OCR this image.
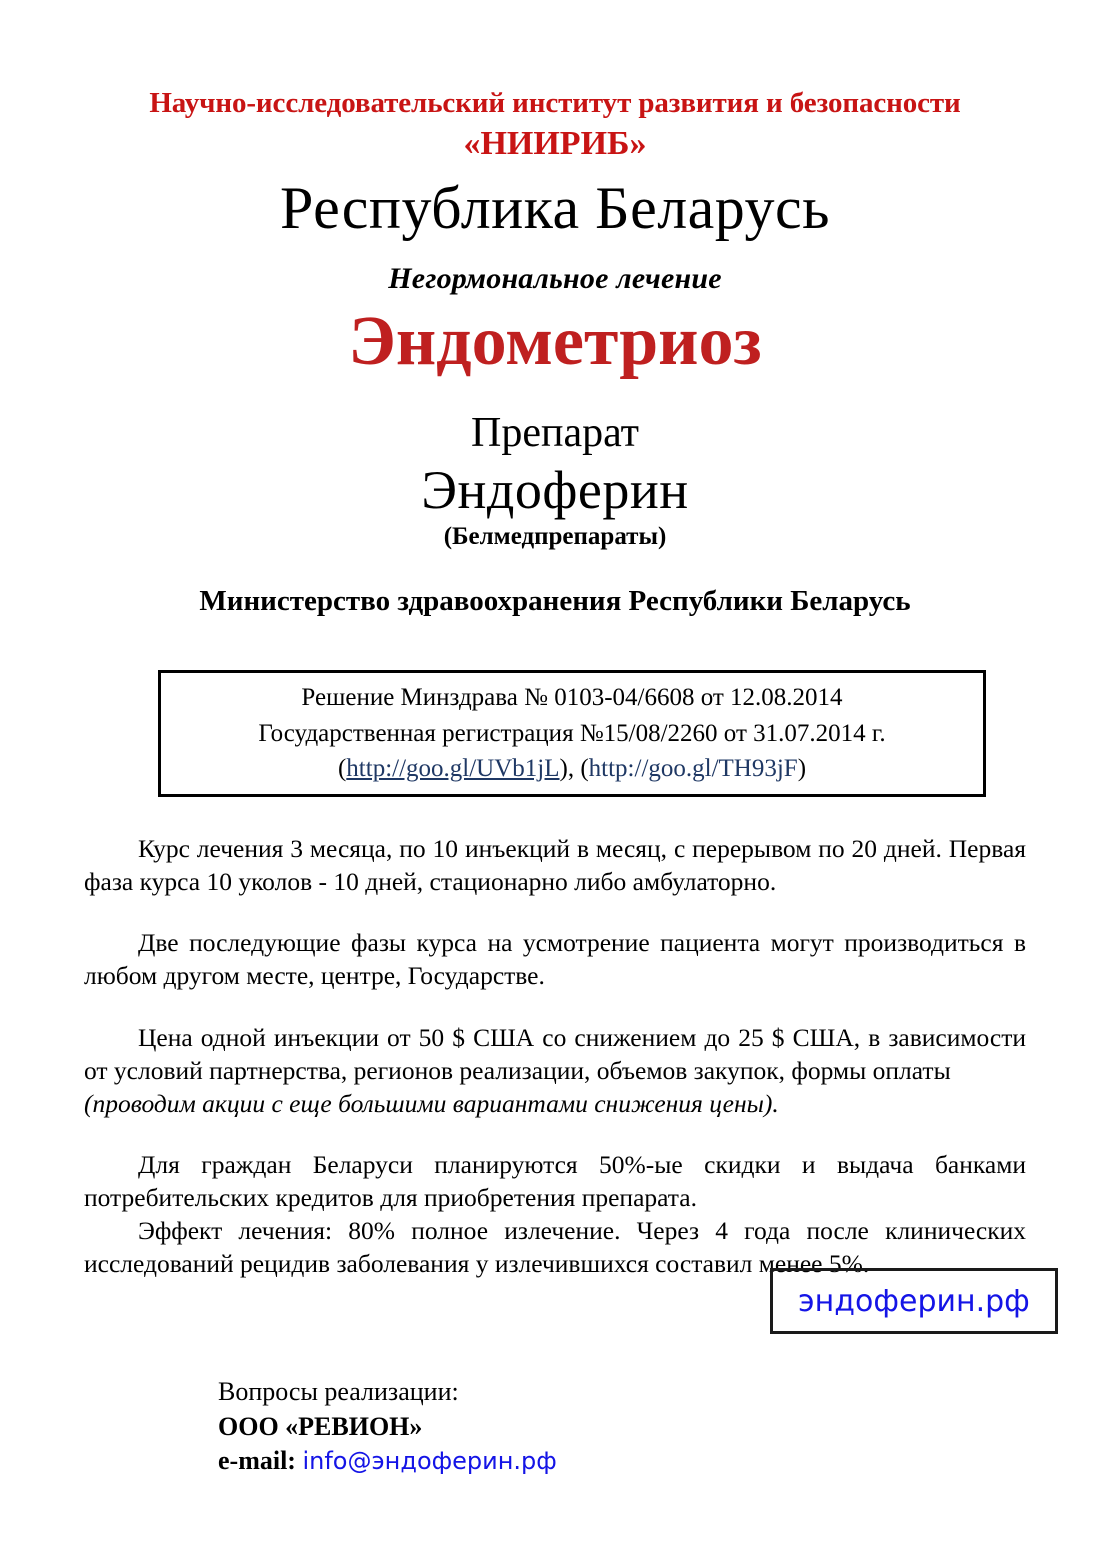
Научно-исследовательский институт развития и безопасности
«НИИРИБ»
Республика Беларусь
Негормональное лечение
Эндометриоз
Препарат
Эндоферин
(Белмедпрепараты)
Министерство здравоохранения Республики Беларусь
Решение Минздрава № 0103-04/6608 от 12.08.2014
Государственная регистрация №15/08/2260 от 31.07.2014 г.
(http://goo.gl/UVb1jL), (http://goo.gl/TH93jF)

Курс лечения 3 месяца, по 10 инъекций в месяц, с перерывом по 20 дней. Первая фаза курса 10 уколов - 10 дней, стационарно либо амбулаторно.

Две последующие фазы курса на усмотрение пациента могут производиться в любом другом месте, центре, Государстве.

Цена одной инъекции от 50 $ США со снижением до 25 $ США, в зависимости от условий партнерства, регионов реализации, объемов закупок, формы оплаты
(проводим акции с еще большими вариантами снижения цены).

Для граждан Беларуси планируются 50%-ые скидки и выдача банками потребительских кредитов для приобретения препарата.

Эффект лечения: 80% полное излечение. Через 4 года после клинических исследований рецидив заболевания у излечившихся составил менее 5%.

эндоферин.рф

Вопросы реализации:

ООО «РЕВИОН»

e-mail: info@эндоферин.рф
